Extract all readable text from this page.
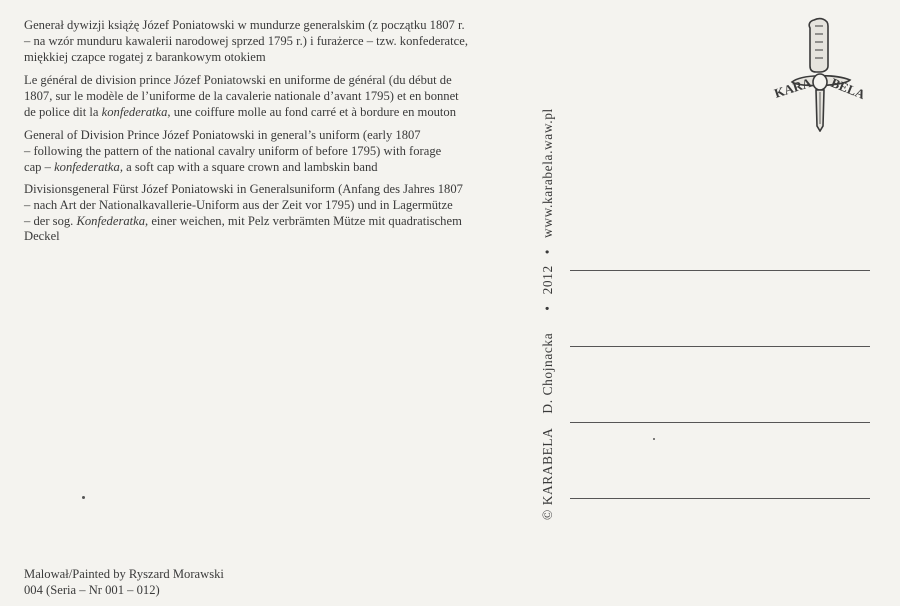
Generał dywizji książę Józef Poniatowski w mundurze generalskim (z początku 1807 r.

– na wzór munduru kawalerii narodowej sprzed 1795 r.) i furażerce – tzw. konfederatce,

miękkiej czapce rogatej z barankowym otokiem

Le général de division prince Józef Poniatowski en uniforme de général (du début de

1807, sur le modèle de l’uniforme de la cavalerie nationale d’avant 1795) et en bonnet

de police dit la konfederatka, une coiffure molle au fond carré et à bordure en mouton

General of Division Prince Józef Poniatowski in general’s uniform (early 1807

– following the pattern of the national cavalry uniform of before 1795) with forage

cap – konfederatka, a soft cap with a square crown and lambskin band

Divisionsgeneral Fürst Józef Poniatowski in Generalsuniform (Anfang des Jahres 1807

– nach Art der Nationalkavallerie-Uniform aus der Zeit vor 1795) und in Lagermütze

– der sog. Konfederatka, einer weichen, mit Pelz verbrämten Mütze mit quadratischem

Deckel

Malował/Painted by Ryszard Morawski
004 (Seria – Nr 001 – 012)
© KARABELAD. Chojnacka•2012•www.karabela.waw.pl
KARA BELA
